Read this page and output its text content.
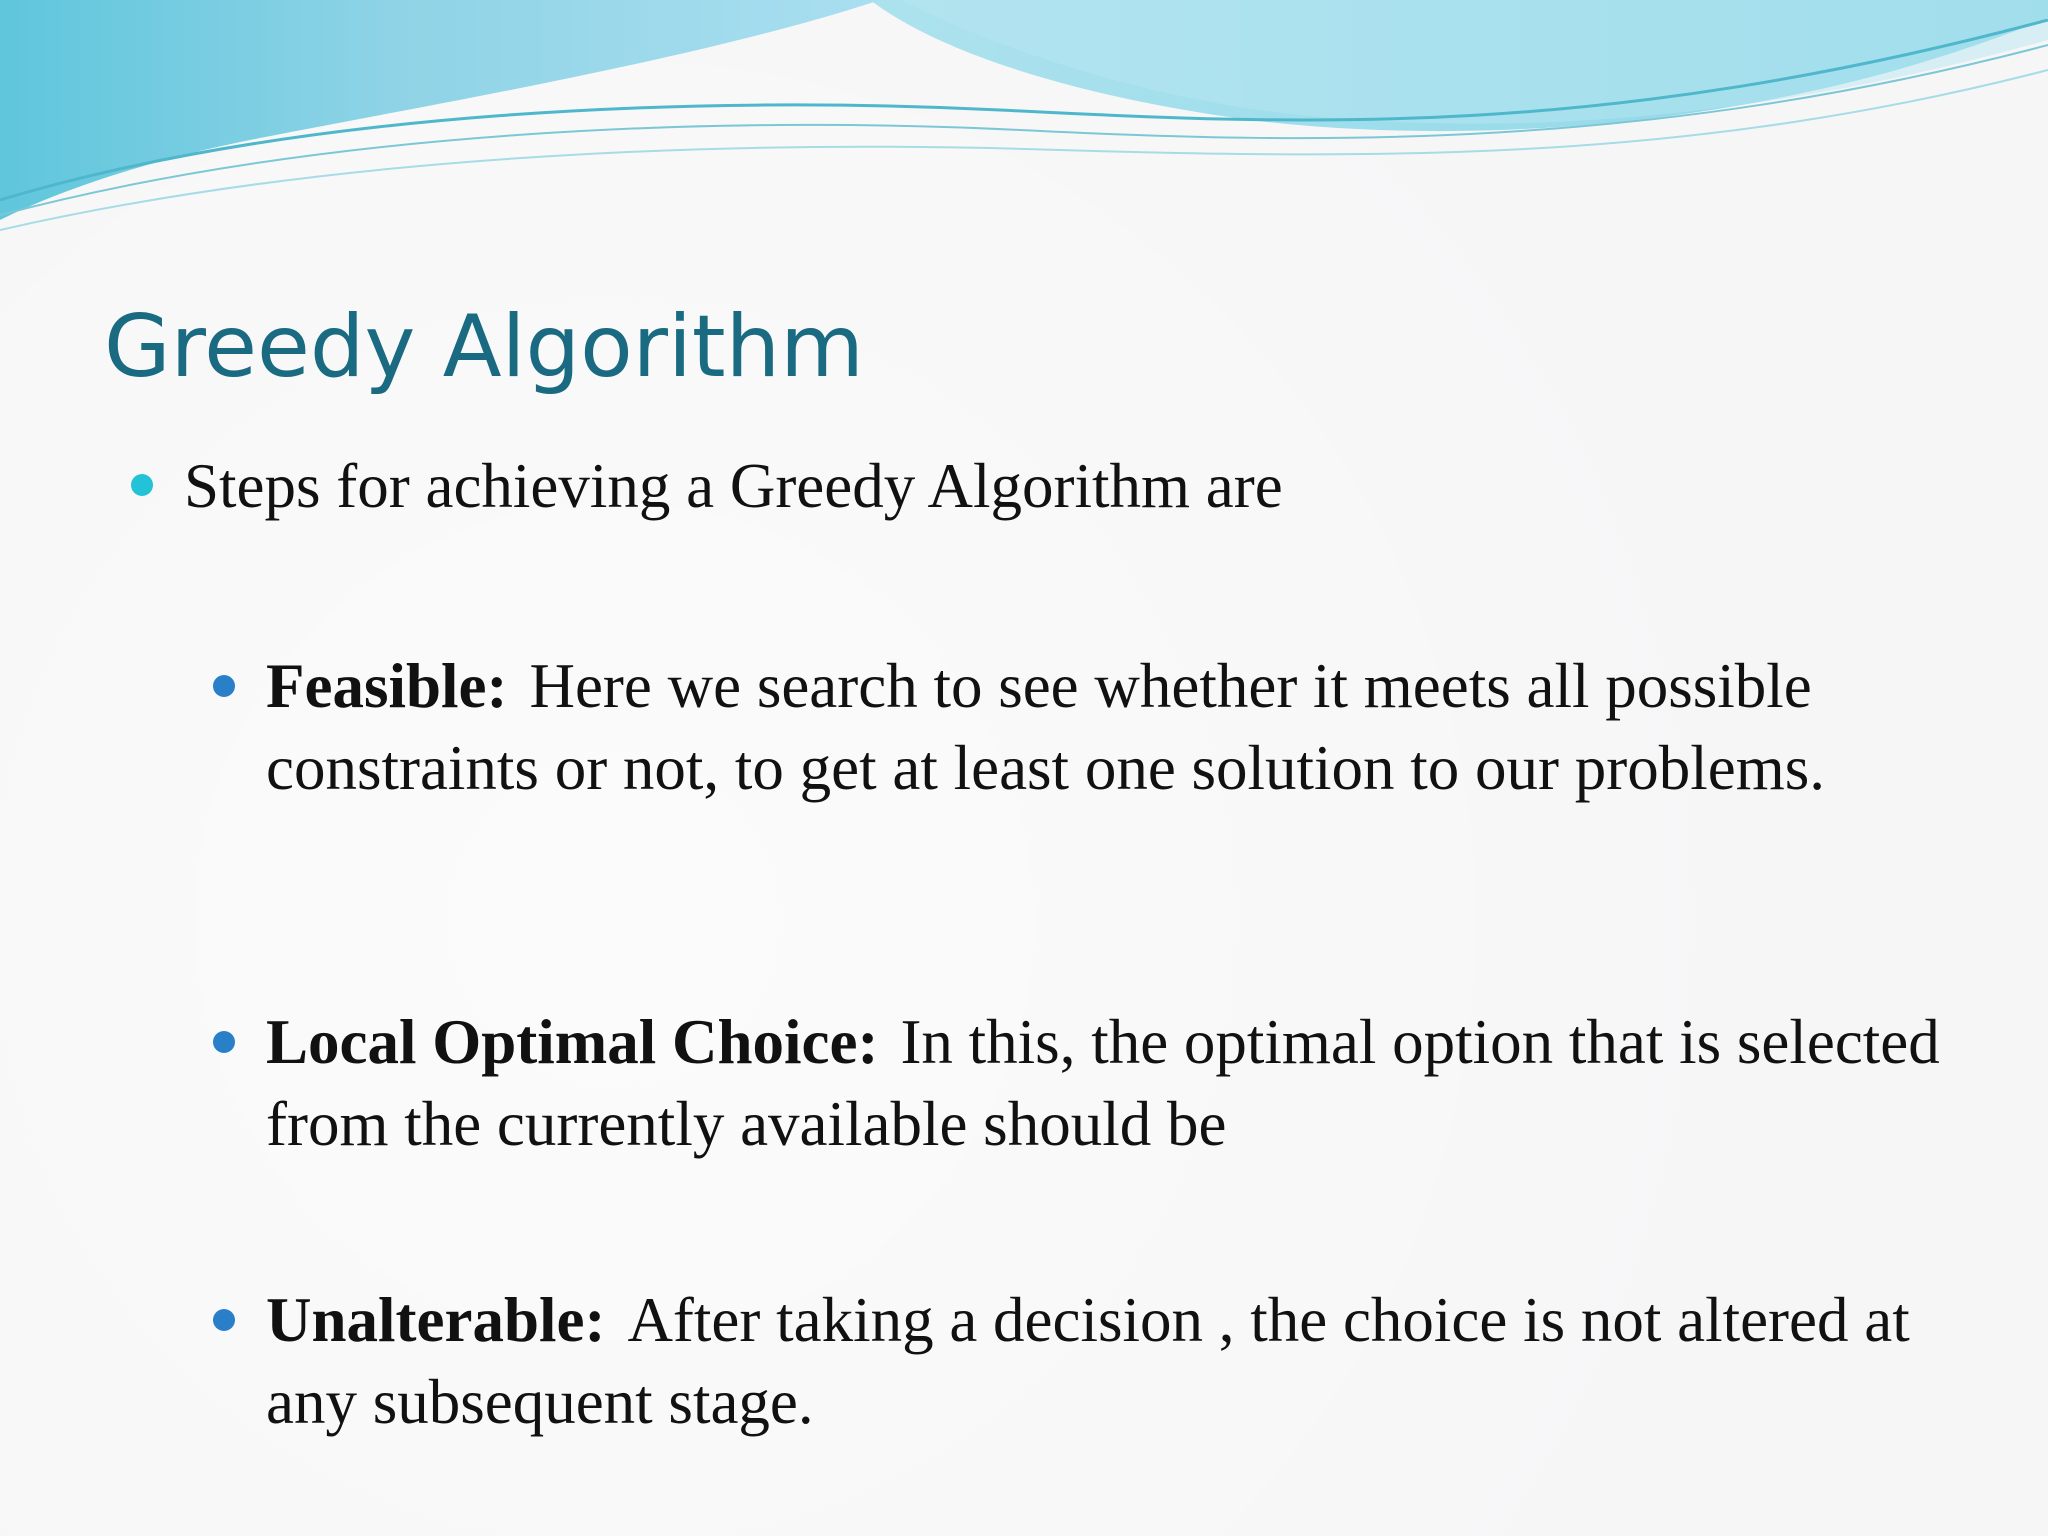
Greedy Algorithm
Steps for achieving a Greedy Algorithm are
Feasible: Here we search to see whether it meets all possible constraints or not, to get at least one solution to our problems.
Local Optimal Choice: In this, the optimal option that is selected from the currently available should be
Unalterable: After taking a decision , the choice is not altered at any subsequent stage.
